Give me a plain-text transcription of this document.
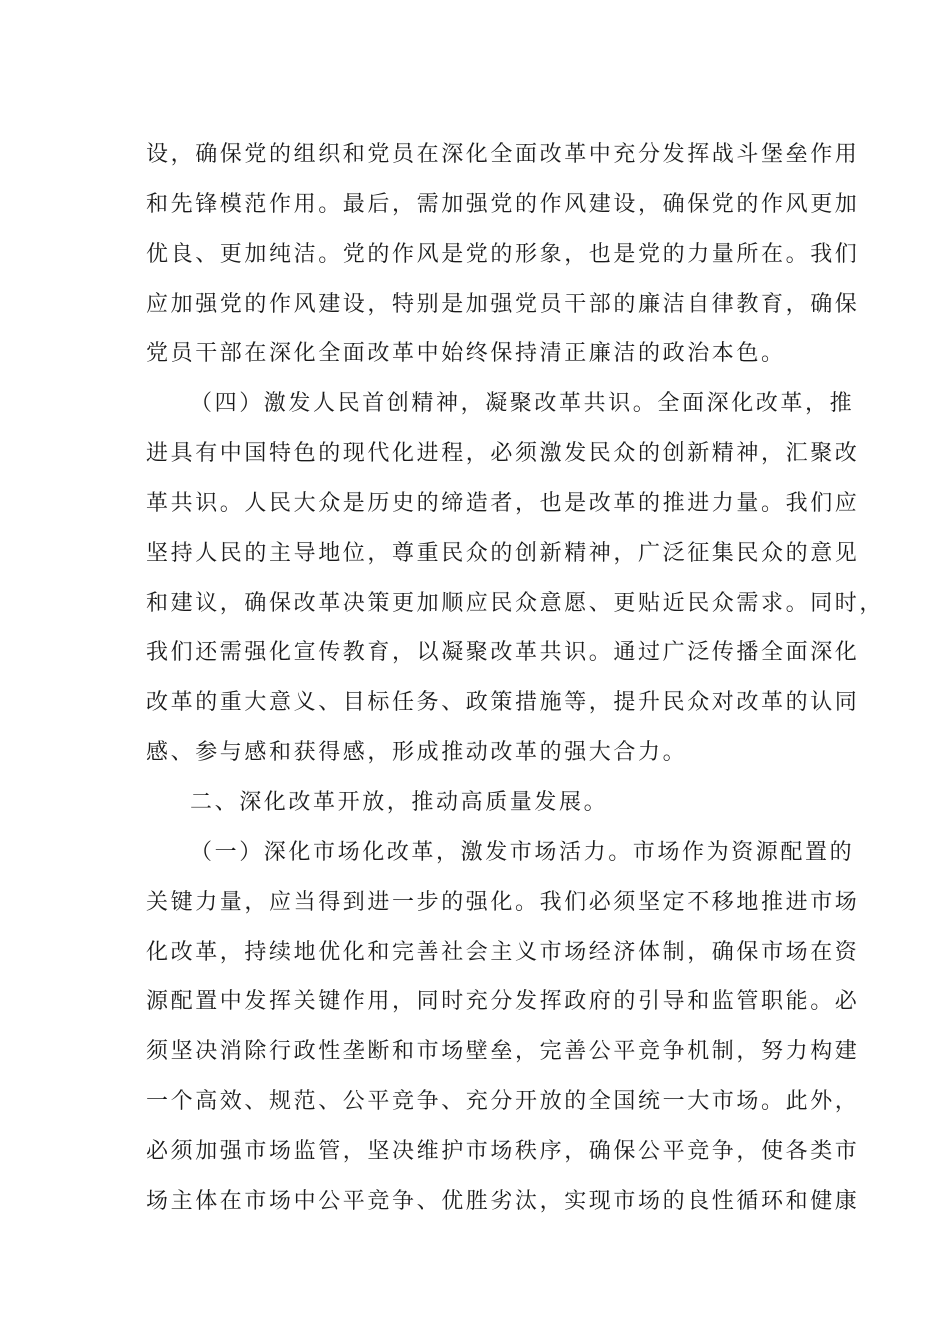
设，确保党的组织和党员在深化全面改革中充分发挥战斗堡垒作用
和先锋模范作用。最后，需加强党的作风建设，确保党的作风更加
优良、更加纯洁。党的作风是党的形象，也是党的力量所在。我们
应加强党的作风建设，特别是加强党员干部的廉洁自律教育，确保
党员干部在深化全面改革中始终保持清正廉洁的政治本色。
（四）激发人民首创精神，凝聚改革共识。全面深化改革，推
进具有中国特色的现代化进程，必须激发民众的创新精神，汇聚改
革共识。人民大众是历史的缔造者，也是改革的推进力量。我们应
坚持人民的主导地位，尊重民众的创新精神，广泛征集民众的意见
和建议，确保改革决策更加顺应民众意愿、更贴近民众需求。同时，
我们还需强化宣传教育，以凝聚改革共识。通过广泛传播全面深化
改革的重大意义、目标任务、政策措施等，提升民众对改革的认同
感、参与感和获得感，形成推动改革的强大合力。
二、深化改革开放，推动高质量发展。
（一）深化市场化改革，激发市场活力。市场作为资源配置的
关键力量，应当得到进一步的强化。我们必须坚定不移地推进市场
化改革，持续地优化和完善社会主义市场经济体制，确保市场在资
源配置中发挥关键作用，同时充分发挥政府的引导和监管职能。必
须坚决消除行政性垄断和市场壁垒，完善公平竞争机制，努力构建
一个高效、规范、公平竞争、充分开放的全国统一大市场。此外，
必须加强市场监管，坚决维护市场秩序，确保公平竞争，使各类市
场主体在市场中公平竞争、优胜劣汰，实现市场的良性循环和健康
